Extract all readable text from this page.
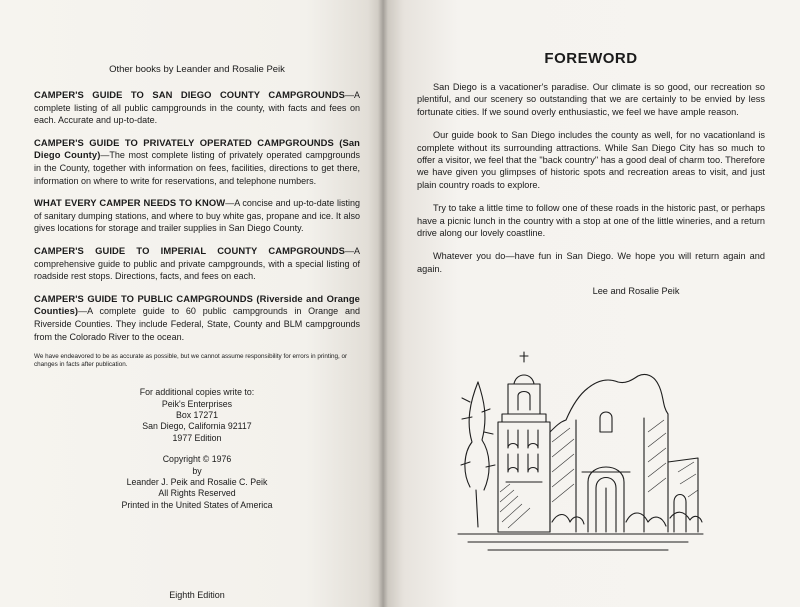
Other books by Leander and Rosalie Peik
CAMPER'S GUIDE TO SAN DIEGO COUNTY CAMPGROUNDS—A complete listing of all public campgrounds in the county, with facts and fees on each. Accurate and up-to-date.
CAMPER'S GUIDE TO PRIVATELY OPERATED CAMPGROUNDS (San Diego County)—The most complete listing of privately operated campgrounds in the County, together with information on fees, facilities, directions to get there, information on where to write for reservations, and telephone numbers.
WHAT EVERY CAMPER NEEDS TO KNOW—A concise and up-to-date listing of sanitary dumping stations, and where to buy white gas, propane and ice. It also gives locations for storage and trailer supplies in San Diego County.
CAMPER'S GUIDE TO IMPERIAL COUNTY CAMPGROUNDS—A comprehensive guide to public and private campgrounds, with a special listing of roadside rest stops. Directions, facts, and fees on each.
CAMPER'S GUIDE TO PUBLIC CAMPGROUNDS (Riverside and Orange Counties)—A complete guide to 60 public campgrounds in Orange and Riverside Counties. They include Federal, State, County and BLM campgrounds from the Colorado River to the ocean.
We have endeavored to be as accurate as possible, but we cannot assume responsibility for errors in printing, or changes in facts after publication.
For additional copies write to:
Peik's Enterprises
Box 17271
San Diego, California 92117
1977 Edition
Copyright © 1976
by
Leander J. Peik and Rosalie C. Peik
All Rights Reserved
Printed in the United States of America
Eighth Edition
FOREWORD

San Diego is a vacationer's paradise. Our climate is so good, our recreation so plentiful, and our scenery so outstanding that we are certainly to be envied by less fortunate cities. If we sound overly enthusiastic, we feel we have ample reason.

Our guide book to San Diego includes the county as well, for no vacationland is complete without its surrounding attractions. While San Diego City has so much to offer a visitor, we feel that the "back country" has a good deal of charm too. Therefore we have given you glimpses of historic spots and recreation areas to visit, and just plain country roads to explore.

Try to take a little time to follow one of these roads in the historic past, or perhaps have a picnic lunch in the country with a stop at one of the little wineries, and a return drive along our lovely coastline.

Whatever you do—have fun in San Diego. We hope you will return again and again.

Lee and Rosalie Peik
